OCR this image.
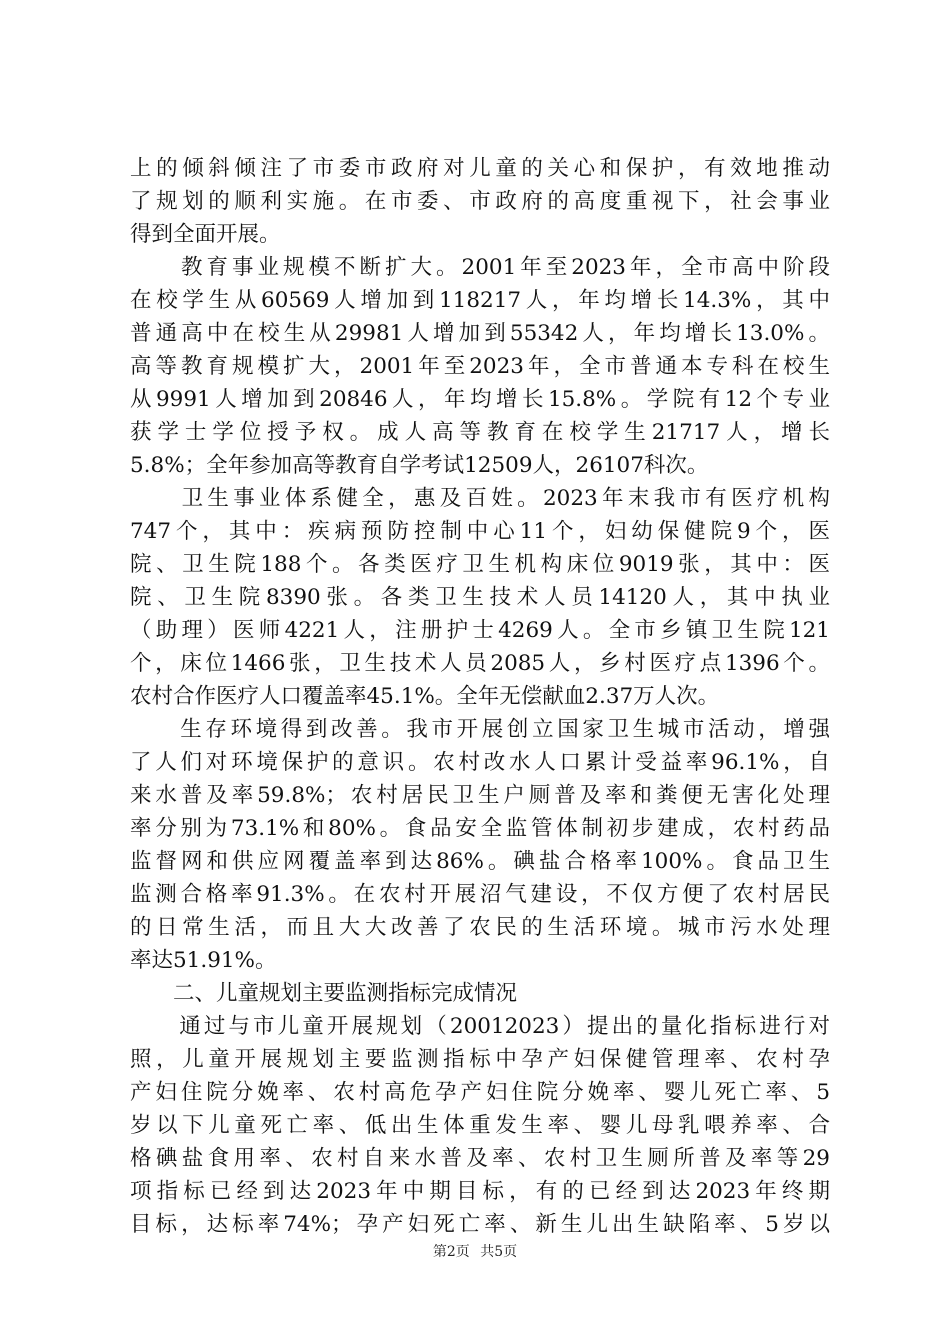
上的倾斜倾注了市委市政府对儿童的关心和保护，有效地推动
了规划的顺利实施。在市委、市政府的高度重视下，社会事业
得到全面开展。
　　教育事业规模不断扩大。2001年至2023年，全市高中阶段
在校学生从60569人增加到118217人，年均增长14.3%，其中
普通高中在校生从29981人增加到55342人，年均增长13.0%。
高等教育规模扩大，2001年至2023年，全市普通本专科在校生
从9991人增加到20846人，年均增长15.8%。学院有12个专业
获学士学位授予权。成人高等教育在校学生21717人，增长
5.8%；全年参加高等教育自学考试12509人，26107科次。
　　卫生事业体系健全，惠及百姓。2023年末我市有医疗机构
747个，其中：疾病预防控制中心11个，妇幼保健院9个，医
院、卫生院188个。各类医疗卫生机构床位9019张，其中：医
院、卫生院8390张。各类卫生技术人员14120人，其中执业
（助理）医师4221人，注册护士4269人。全市乡镇卫生院121
个，床位1466张，卫生技术人员2085人，乡村医疗点1396个。
农村合作医疗人口覆盖率45.1%。全年无偿献血2.37万人次。
　　生存环境得到改善。我市开展创立国家卫生城市活动，增强
了人们对环境保护的意识。农村改水人口累计受益率96.1%，自
来水普及率59.8%；农村居民卫生户厕普及率和粪便无害化处理
率分别为73.1%和80%。食品安全监管体制初步建成，农村药品
监督网和供应网覆盖率到达86%。碘盐合格率100%。食品卫生
监测合格率91.3%。在农村开展沼气建设，不仅方便了农村居民
的日常生活，而且大大改善了农民的生活环境。城市污水处理
率达51.91%。
　　二、儿童规划主要监测指标完成情况
　　通过与市儿童开展规划（20012023）提出的量化指标进行对
照，儿童开展规划主要监测指标中孕产妇保健管理率、农村孕
产妇住院分娩率、农村高危孕产妇住院分娩率、婴儿死亡率、5
岁以下儿童死亡率、低出生体重发生率、婴儿母乳喂养率、合
格碘盐食用率、农村自来水普及率、农村卫生厕所普及率等29
项指标已经到达2023年中期目标，有的已经到达2023年终期
目标，达标率74%；孕产妇死亡率、新生儿出生缺陷率、5岁以
第2页 共5页
